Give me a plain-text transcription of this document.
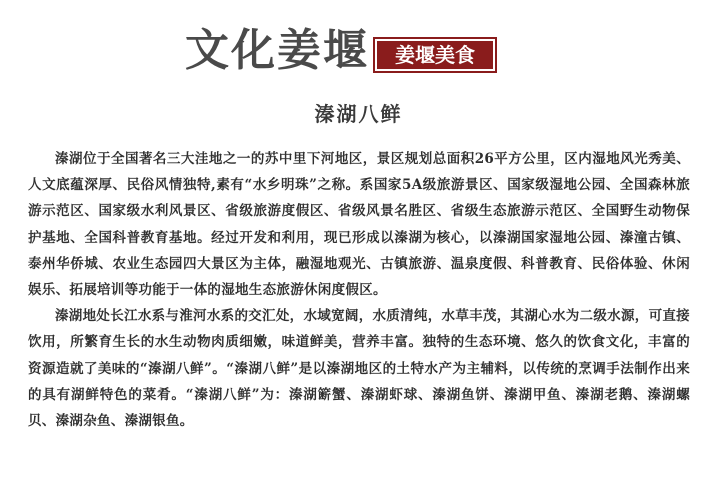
文化姜堰	姜堰美食
溱湖八鲜

溱湖位于全国著名三大洼地之一的苏中里下河地区，景区规划总面积26平方公里，区内湿地风光秀美、人文底蕴深厚、民俗风情独特,素有“水乡明珠”之称。系国家5A级旅游景区、国家级湿地公园、全国森林旅游示范区、国家级水利风景区、省级旅游度假区、省级风景名胜区、省级生态旅游示范区、全国野生动物保护基地、全国科普教育基地。经过开发和利用，现已形成以溱湖为核心，以溱湖国家湿地公园、溱潼古镇、泰州华侨城、农业生态园四大景区为主体，融湿地观光、古镇旅游、温泉度假、科普教育、民俗体验、休闲娱乐、拓展培训等功能于一体的湿地生态旅游休闲度假区。

溱湖地处长江水系与淮河水系的交汇处，水域宽阔，水质清纯，水草丰茂，其湖心水为二级水源，可直接饮用，所繁育生长的水生动物肉质细嫩，味道鲜美，营养丰富。独特的生态环境、悠久的饮食文化，丰富的资源造就了美味的“溱湖八鲜”。“溱湖八鲜”是以溱湖地区的土特水产为主辅料，以传统的烹调手法制作出来的具有湖鲜特色的菜肴。“溱湖八鲜”为：溱湖簖蟹、溱湖虾球、溱湖鱼饼、溱湖甲鱼、溱湖老鹅、溱湖螺贝、溱湖杂鱼、溱湖银鱼。
